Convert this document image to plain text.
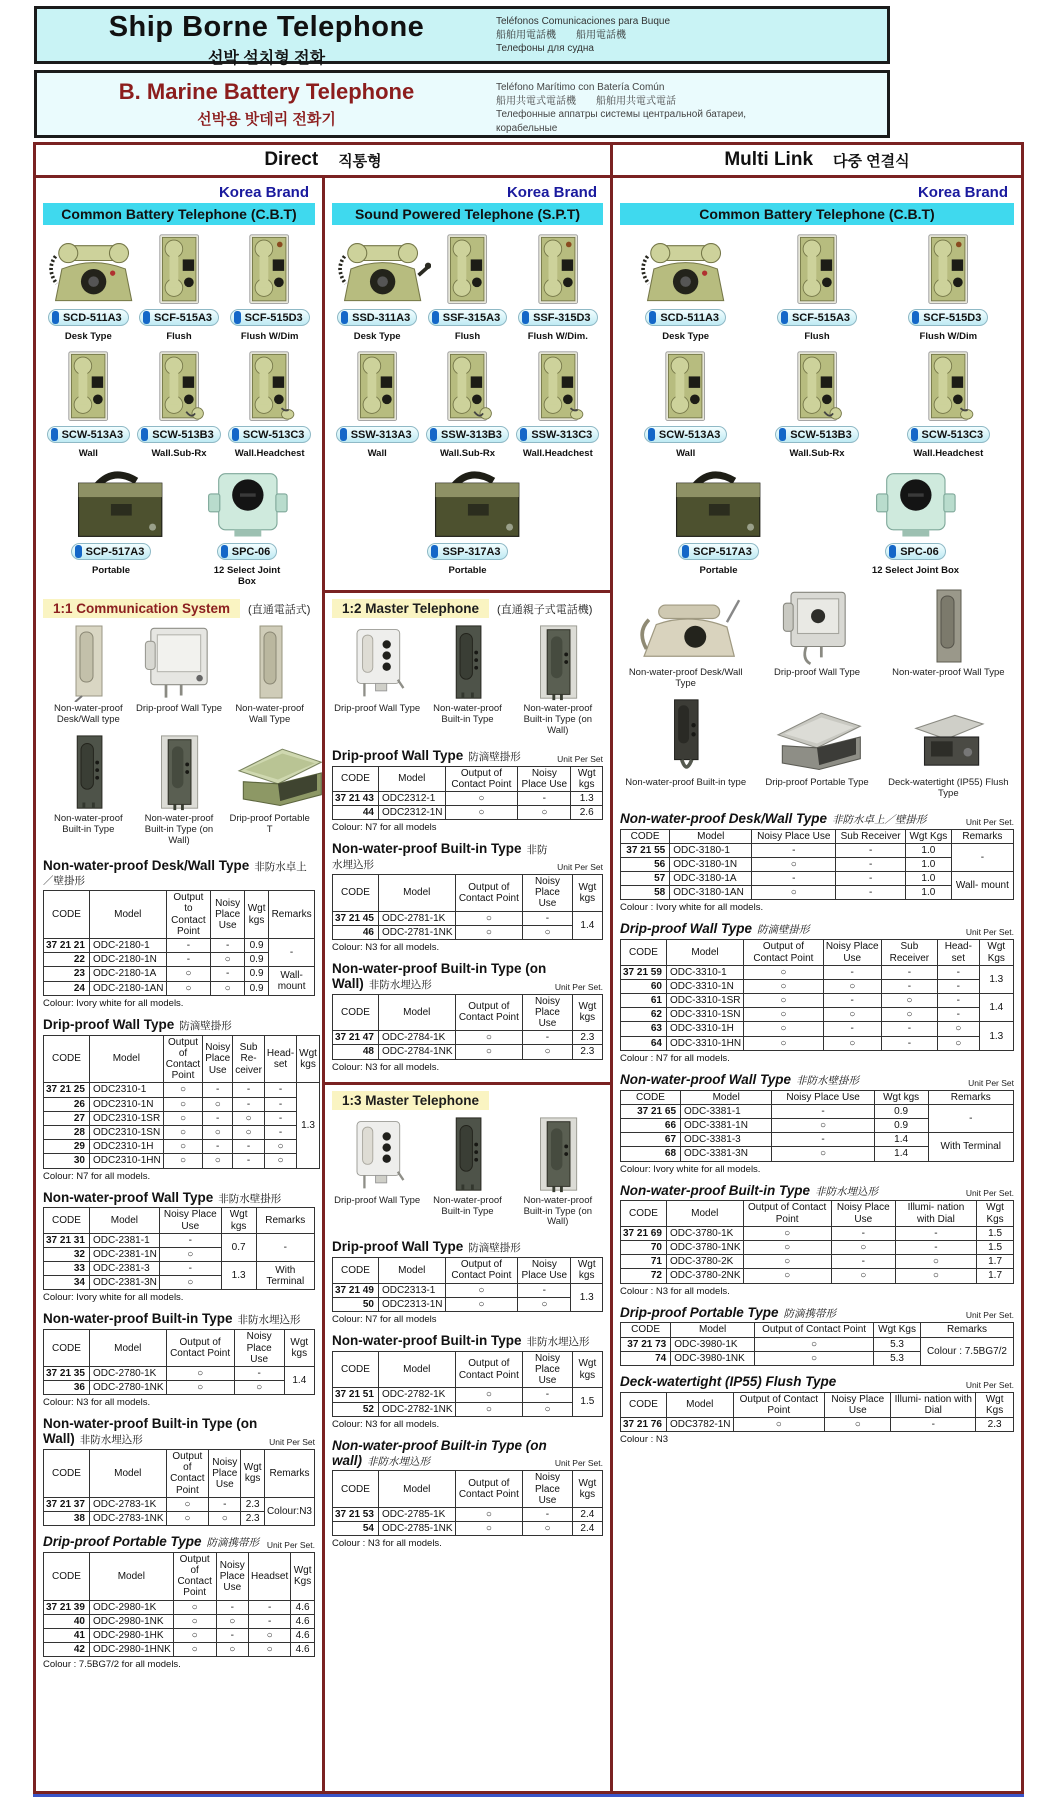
Ship Borne Telephone
선박 설치형 전화
Teléfonos Comunicaciones para Buque
船舶用電話機　　船用電話機
Телефоны для судна
B. Marine Battery Telephone
선박용 밧데리 전화기
Teléfono Marítimo con Batería Común
船用共電式電話機　　船舶用共電式電話
Телефонные аппатры системы центральной батареи,
корабельные
Direct 직통형	Multi Link 다중 연결식
Korea Brand
Common Battery Telephone (C.B.T)
SCD-511A3
Desk Type
SCF-515A3
Flush
SCF-515D3
Flush W/Dim
SCW-513A3
Wall
SCW-513B3
Wall.Sub-Rx
SCW-513C3
Wall.Headchest
SCP-517A3
Portable
SPC-06
12 Select Joint Box
1:1 Communication System	(直通電話式)
Non-water-proof Desk/Wall type
Drip-proof Wall Type	Non-water-proof Wall Type
Non-water-proof Built-in Type
Non-water-proof Built-in Type (on Wall)
Drip-proof Portable T
Non-water-proof Desk/Wall Type 非防水卓上／壁掛形
CODE	Model	Output to Contact Point	Noisy Place Use	Wgt kgs	Remarks
37 21 21	ODC-2180-1	-	-	0.9	-
22	ODC-2180-1N	-	○	0.9	
23	ODC-2180-1A	○	-	0.9	Wall-mount
24	ODC-2180-1AN	○	○	0.9	
Colour: Ivory white for all models.
Drip-proof Wall Type 防滴壁掛形
CODE	Model	Output of Contact Point	Noisy Place Use	Sub Re- ceiver	Head- set	Wgt kgs
37 21 25	ODC2310-1	○	-	-	-	1.3
26	ODC2310-1N	○	○	-	-	
27	ODC2310-1SR	○	-	○	-	
28	ODC2310-1SN	○	○	○	-	
29	ODC2310-1H	○	-	-	○	
30	ODC2310-1HN	○	○	-	○	
Colour: N7 for all models.
Non-water-proof Wall Type 非防水壁掛形
CODE	Model	Noisy Place Use	Wgt kgs	Remarks
37 21 31	ODC-2381-1	-	0.7	-
32	ODC-2381-1N	○		
33	ODC-2381-3	-	1.3	With Terminal
34	ODC-2381-3N	○		
Colour: Ivory white for all models.
Non-water-proof Built-in Type 非防水埋込形
CODE	Model	Output of Contact Point	Noisy Place Use	Wgt kgs
37 21 35	ODC-2780-1K	○	-	1.4
36	ODC-2780-1NK	○	○	
Colour: N3 for all models.
Non-water-proof Built-in Type (on Wall) 非防水埋込形	Unit Per Set
CODE	Model	Output of Contact Point	Noisy Place Use	Wgt kgs	Remarks
37 21 37	ODC-2783-1K	○	-	2.3	Colour:N3
38	ODC-2783-1NK	○	○	2.3	
Drip-proof Portable Type 防滴携帯形 Unit Per Set.
CODE	Model	Output of Contact Point	Noisy Place Use	Headset	Wgt Kgs
37 21 39	ODC-2980-1K	○	-	-	4.6
40	ODC-2980-1NK	○	○	-	4.6
41	ODC-2980-1HK	○	-	○	4.6
42	ODC-2980-1HNK	○	○	○	4.6
Colour : 7.5BG7/2 for all models.
Korea Brand
Sound Powered Telephone (S.P.T)
SSD-311A3
Desk Type
SSF-315A3
Flush
SSF-315D3
Flush W/Dim.
SSW-313A3
Wall
SSW-313B3
Wall.Sub-Rx
SSW-313C3
Wall.Headchest
SSP-317A3
Portable
1:2 Master Telephone	(直通親子式電話機)
Drip-proof Wall Type	Non-water-proof Built-in Type
Non-water-proof Built-in Type (on Wall)
Drip-proof Wall Type 防滴壁掛形	Unit Per Set
CODE	Model	Output of Contact Point	Noisy Place Use	Wgt kgs
37 21 43	ODC2312-1	○	-	1.3
44	ODC2312-1N	○	○	2.6
Colour: N7 for all models
Non-water-proof Built-in Type 非防水埋込形	Unit Per Set
CODE	Model	Output of Contact Point	Noisy Place Use	Wgt kgs
37 21 45	ODC-2781-1K	○	-	1.4
46	ODC-2781-1NK	○	○	
Colour: N3 for all models.
Non-water-proof Built-in Type (on Wall) 非防水埋込形	Unit Per Set.
CODE	Model	Output of Contact Point	Noisy Place Use	Wgt kgs
37 21 47	ODC-2784-1K	○	-	2.3
48	ODC-2784-1NK	○	○	2.3
Colour: N3 for all models.
1:3 Master Telephone
Drip-proof Wall Type	Non-water-proof Built-in Type
Non-water-proof Built-in Type (on Wall)
Drip-proof Wall Type 防滴壁掛形
CODE	Model	Output of Contact Point	Noisy Place Use	Wgt kgs
37 21 49	ODC2313-1	○	-	1.3
50	ODC2313-1N	○	○	
Colour: N7 for all models
Non-water-proof Built-in Type 非防水埋込形
CODE	Model	Output of Contact Point	Noisy Place Use	Wgt kgs
37 21 51	ODC-2782-1K	○	-	1.5
52	ODC-2782-1NK	○	○	
Colour: N3 for all models.
Non-water-proof Built-in Type (on wall) 非防水埋込形	Unit Per Set.
CODE	Model	Output of Contact Point	Noisy Place Use	Wgt kgs
37 21 53	ODC-2785-1K	○	-	2.4
54	ODC-2785-1NK	○	○	2.4
Colour : N3 for all models.
Korea Brand
Common Battery Telephone (C.B.T)
SCD-511A3
Desk Type
SCF-515A3
Flush
SCF-515D3
Flush W/Dim
SCW-513A3
Wall
SCW-513B3
Wall.Sub-Rx
SCW-513C3
Wall.Headchest
SCP-517A3
Portable
SPC-06
12 Select Joint Box
Non-water-proof Desk/Wall Type
Drip-proof Wall Type	Non-water-proof Wall Type
Non-water-proof Built-in type	Drip-proof Portable Type	Deck-watertight (IP55) Flush Type
Non-water-proof Desk/Wall Type 非防水卓上／壁掛形	Unit Per Set.
CODE	Model	Noisy Place Use	Sub Receiver	Wgt Kgs	Remarks
37 21 55	ODC-3180-1	-	-	1.0	-
56	ODC-3180-1N	○	-	1.0	
57	ODC-3180-1A	-	-	1.0	Wall- mount
58	ODC-3180-1AN	○	-	1.0	
Colour : Ivory white for all models.
Drip-proof Wall Type 防滴壁掛形	Unit Per Set.
CODE	Model	Output of Contact Point	Noisy Place Use	Sub Receiver	Head- set	Wgt Kgs
37 21 59	ODC-3310-1	○	-	-	-	1.3
60	ODC-3310-1N	○	○	-	-	
61	ODC-3310-1SR	○	-	○	-	1.4
62	ODC-3310-1SN	○	○	○	-	
63	ODC-3310-1H	○	-	-	○	1.3
64	ODC-3310-1HN	○	○	-	○	
Colour : N7 for all models.
Non-water-proof Wall Type 非防水壁掛形	Unit Per Set
CODE	Model	Noisy Place Use	Wgt kgs	Remarks
37 21 65	ODC-3381-1	-	0.9	-
66	ODC-3381-1N	○	0.9	
67	ODC-3381-3	-	1.4	With Terminal
68	ODC-3381-3N	○	1.4	
Colour: Ivory white for all models.
Non-water-proof Built-in Type 非防水埋込形	Unit Per Set.
CODE	Model	Output of Contact Point	Noisy Place Use	Illumi- nation with Dial	Wgt Kgs
37 21 69	ODC-3780-1K	○	-	-	1.5
70	ODC-3780-1NK	○	○	-	1.5
71	ODC-3780-2K	○	-	○	1.7
72	ODC-3780-2NK	○	○	○	1.7
Colour : N3 for all models.
Drip-proof Portable Type 防滴携帯形	Unit Per Set.
CODE	Model	Output of Contact Point	Wgt Kgs	Remarks
37 21 73	ODC-3980-1K	○	5.3	Colour : 7.5BG7/2
74	ODC-3980-1NK	○	5.3	
Deck-watertight (IP55) Flush Type	Unit Per Set.
CODE	Model	Output of Contact Point	Noisy Place Use	Illumi- nation with Dial	Wgt Kgs
37 21 76	ODC3782-1N	○	○	-	2.3
Colour : N3
